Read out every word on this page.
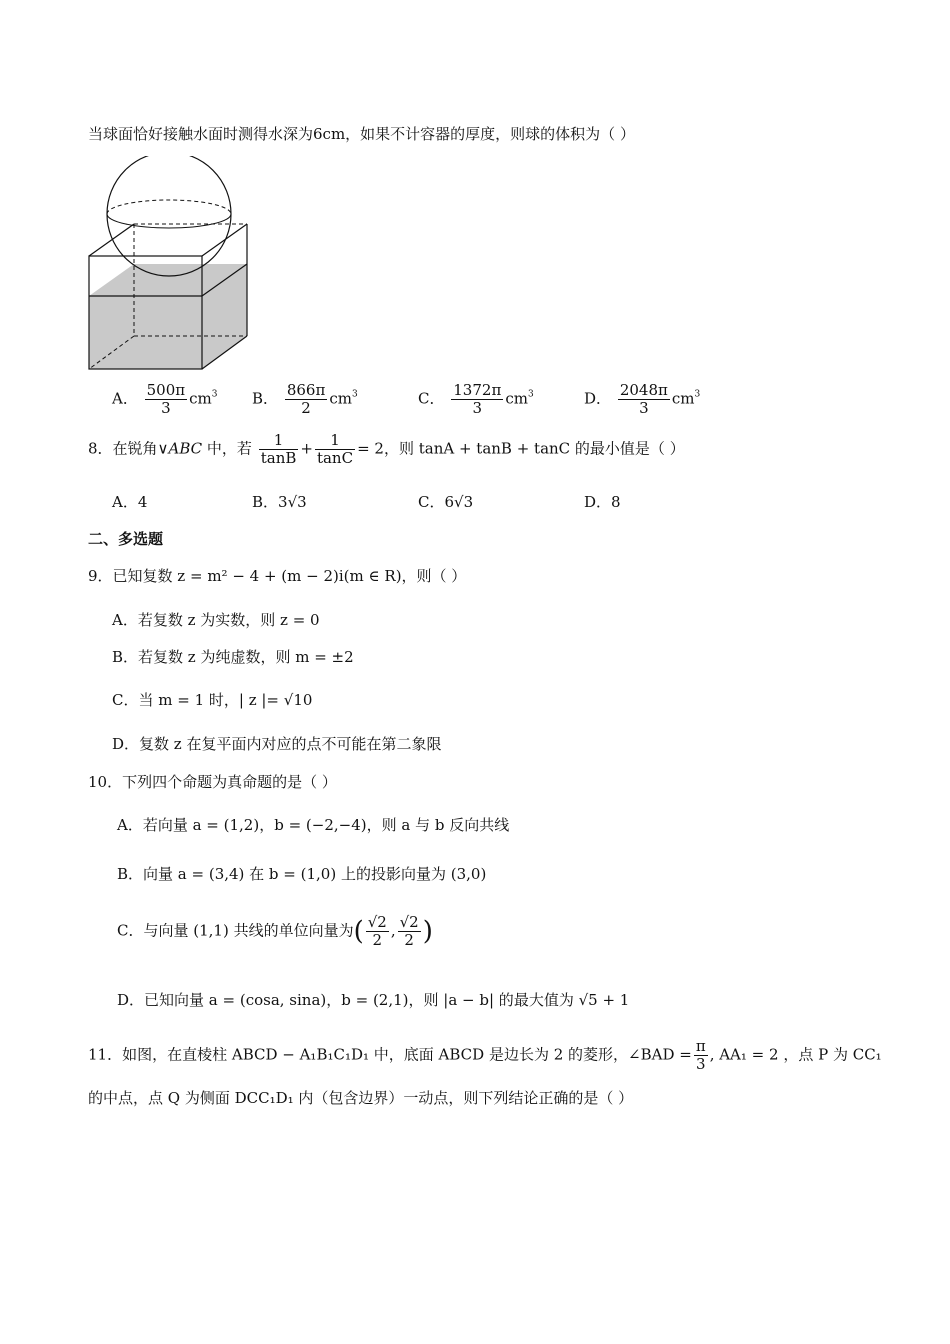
当球面恰好接触水面时测得水深为6cm，如果不计容器的厚度，则球的体积为（ ）
A． $\frac{500\pi}{3} cm^3$ B． $\frac{866\pi}{2} cm^3$	C． $\frac{1372\pi}{3} cm^3$	D． $\frac{2048\pi}{3} cm^3$
8．在锐角∨ABC 中，若 $\frac{1}{\tan B} + \frac{1}{\tan C} = 2$，则 tanA + tanB + tanC 的最小值是（ ）
A．4	B．3√3	C．6√3	D．8
二、多选题
9．已知复数 z = m² − 4 + (m − 2)i(m ∈ R)，则（ ）
A．若复数 z 为实数，则 z = 0
B．若复数 z 为纯虚数，则 m = ±2
C．当 m = 1 时，| z |= √10
D．复数 z 在复平面内对应的点不可能在第二象限
10．下列四个命题为真命题的是（ ）
A．若向量 a = (1,2)，b = (−2,−4)，则 a 与 b 反向共线
B．向量 a = (3,4) 在 b = (1,0) 上的投影向量为 (3,0)
C．与向量 (1,1) 共线的单位向量为( $\frac{√2}{2}$ , $\frac{√2}{2}$ )
D．已知向量 a = (cosa, sina)，b = (2,1)，则 |a − b| 的最大值为 √5 + 1
11．如图，在直棱柱 ABCD − A₁B₁C₁D₁ 中，底面 ABCD 是边长为 2 的菱形，∠BAD = $\frac{\pi}{3}$ , AA₁ = 2 ，点 P 为 CC₁
的中点，点 Q 为侧面 DCC₁D₁ 内（包含边界）一动点，则下列结论正确的是（ ）
